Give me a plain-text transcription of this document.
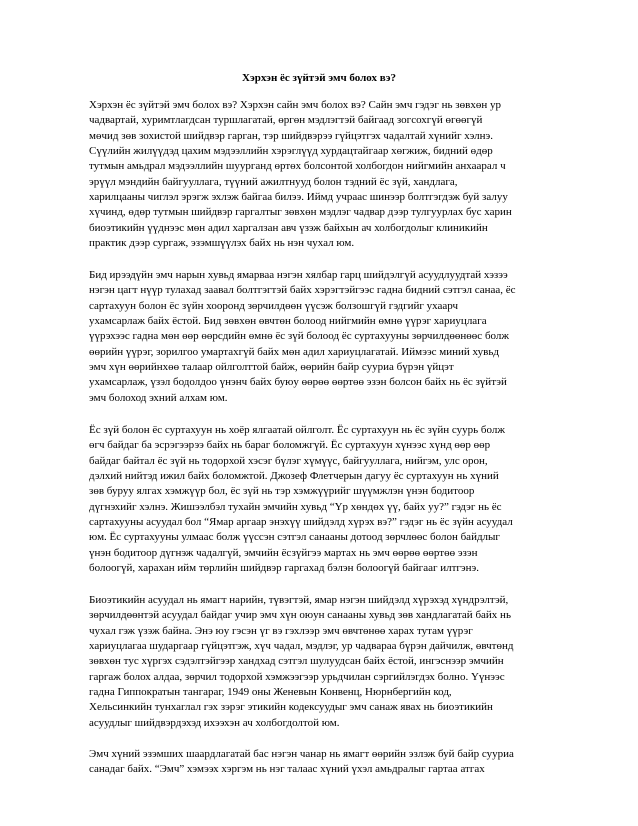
Хэрхэн ёс зүйтэй эмч болох вэ?

Хэрхэн ёс зүйтэй эмч болох вэ? Хэрхэн сайн эмч болох вэ? Сайн эмч гэдэг нь зөвхөн ур
чадвартай, хуримтлагдсан туршлагатай, өргөн мэдлэгтэй байгаад зогсохгүй өгөөгүй
мөчид зөв зохистой шийдвэр гарган, тэр шийдвэрээ гүйцэтгэх чадалтай хүнийг хэлнэ.
Сүүлийн жилүүдэд цахим мэдээллийн хэрэглүүд хурдацтайгаар хөгжиж, бидний өдөр
тутмын амьдрал мэдээллийн шуурганд өртөх болсонтой холбогдон нийгмийн анхаарал ч
эрүүл мэндийн байгууллага, түүний ажилтнууд болон тэдний ёс зүй, хандлага,
харилцааны чиглэл эрэгж эхлэж байгаа билээ. Иймд учраас шинээр болтгэгдэж буй залуу
хүчинд, өдөр тутмын шийдвэр гаргалтыг зөвхөн мэдлэг чадвар дээр тулгуурлах бус харин
биоэтикийн үүднээс мөн адил харгалзан авч үзэж байхын ач холбогдолыг клиникийн
практик дээр сургаж, эзэмшүүлэх байх нь нэн чухал юм.

Бид ирээдүйн эмч нарын хувьд ямарваа нэгэн хялбар гарц шийдэлгүй асуудлуудтай хэзээ
нэгэн цагт нүүр тулахад заавал болтгэгтэй байх хэрэгтэйгээс гадна бидний сэтгэл санаа, ёс
сартахуун болон ёс зүйн хооронд зөрчилдөөн үүсэж болзошгүй гэдгийг ухаарч
ухамсарлаж байх ёстой. Бид зөвхөн өвчтөн болоод нийгмийн өмнө үүрэг хариуцлага
үүрэхээс гадна мөн өөр өөрсдийн өмнө ёс зүй болоод ёс суртахууны зөрчилдөөнөөс болж
өөрийн үүрэг, зорилгоо умартахгүй байх мөн адил хариуцлагатай. Иймээс миний хувьд
эмч хүн өөрийнхөө талаар ойлголттой байж, өөрийн байр сууриа бүрэн үйцэт
ухамсарлаж, үзэл бодолдоо үнэнч байх буюу өөрөө өөртөө эзэн болсон байх нь ёс зүйтэй
эмч болоход эхний алхам юм.

Ёс зүй болон ёс суртахуун нь хоёр ялгаатай ойлголт. Ёс суртахуун нь ёс зүйн суурь болж
өгч байдаг ба эсрэгээрээ байх нь бараг боломжгүй. Ёс суртахуун хүнээс хүнд өөр өөр
байдаг байтал ёс зүй нь тодорхой хэсэг бүлэг хүмүүс, байгууллага, нийгэм, улс орон,
дэлхий нийтэд ижил байх боломжтой. Джозеф Флетчерын дагуу ёс суртахуун нь хүний
зөв буруу ялгах хэмжүүр бол, ёс зүй нь тэр хэмжүүрийг шүүмжлэн үнэн бодитоор
дүгнэхийг хэлнэ. Жишээлбэл тухайн эмчийн хувьд “Үр хөндөх үү, байх уу?” гэдэг нь ёс
сартахууны асуудал бол “Ямар аргаар энэхүү шийдэлд хүрэх вэ?” гэдэг нь ёс зүйн асуудал
юм. Ёс суртахууны улмаас болж үүссэн сэтгэл санааны дотоод зөрчлөөс болон байдлыг
үнэн бодитоор дүгнэж чадалгүй, эмчийн ёсзүйгээ мартах нь эмч өөрөө өөртөө эзэн
болоогүй, харахан ийм төрлийн шийдвэр гаргахад бэлэн болоогүй байгааг илтгэнэ.

Биоэтикийн асуудал нь ямагт нарийн, түвэгтэй, ямар нэгэн шийдэлд хүрэхэд хүндрэлтэй,
зөрчилдөөнтэй асуудал байдаг учир эмч хүн оюун санааны хувьд зөв хандлагатай байх нь
чухал гэж үзэж байна. Энэ юу гэсэн үг вэ гэхлээр эмч өвчтөнөө харах тутам үүрэг
хариуцлагаа шударгаар гүйцэтгэж, хүч чадал, мэдлэг, ур чадвараа бүрэн дайчилж, өвчтөнд
зөвхөн тус хүргэх сэдэлтэйгээр хандхад сэтгэл шулуудсан байх ёстой, ингэснээр эмчийн
гаргаж болох алдаа, зөрчил тодорхой хэмжээгээр урьдчилан сэргийлэгдэх болно. Үүнээс
гадна Гиппократын тангараг, 1949 оны Женевын Конвенц, Нюрнбергийн код,
Хельсинкийн тунхаглал гэх зэрэг этикийн кодексуудыг эмч санаж явах нь биоэтикийн
асуудлыг шийдвэрдэхэд ихээхэн ач холбогдолтой юм.

Эмч хүний эзэмших шаардлагатай бас нэгэн чанар нь ямагт өөрийн эзлэж буй байр сууриа
санадаг байх. “Эмч” хэмээх хэргэм нь нэг талаас хүний үхэл амьдралыг гартаа атгах
